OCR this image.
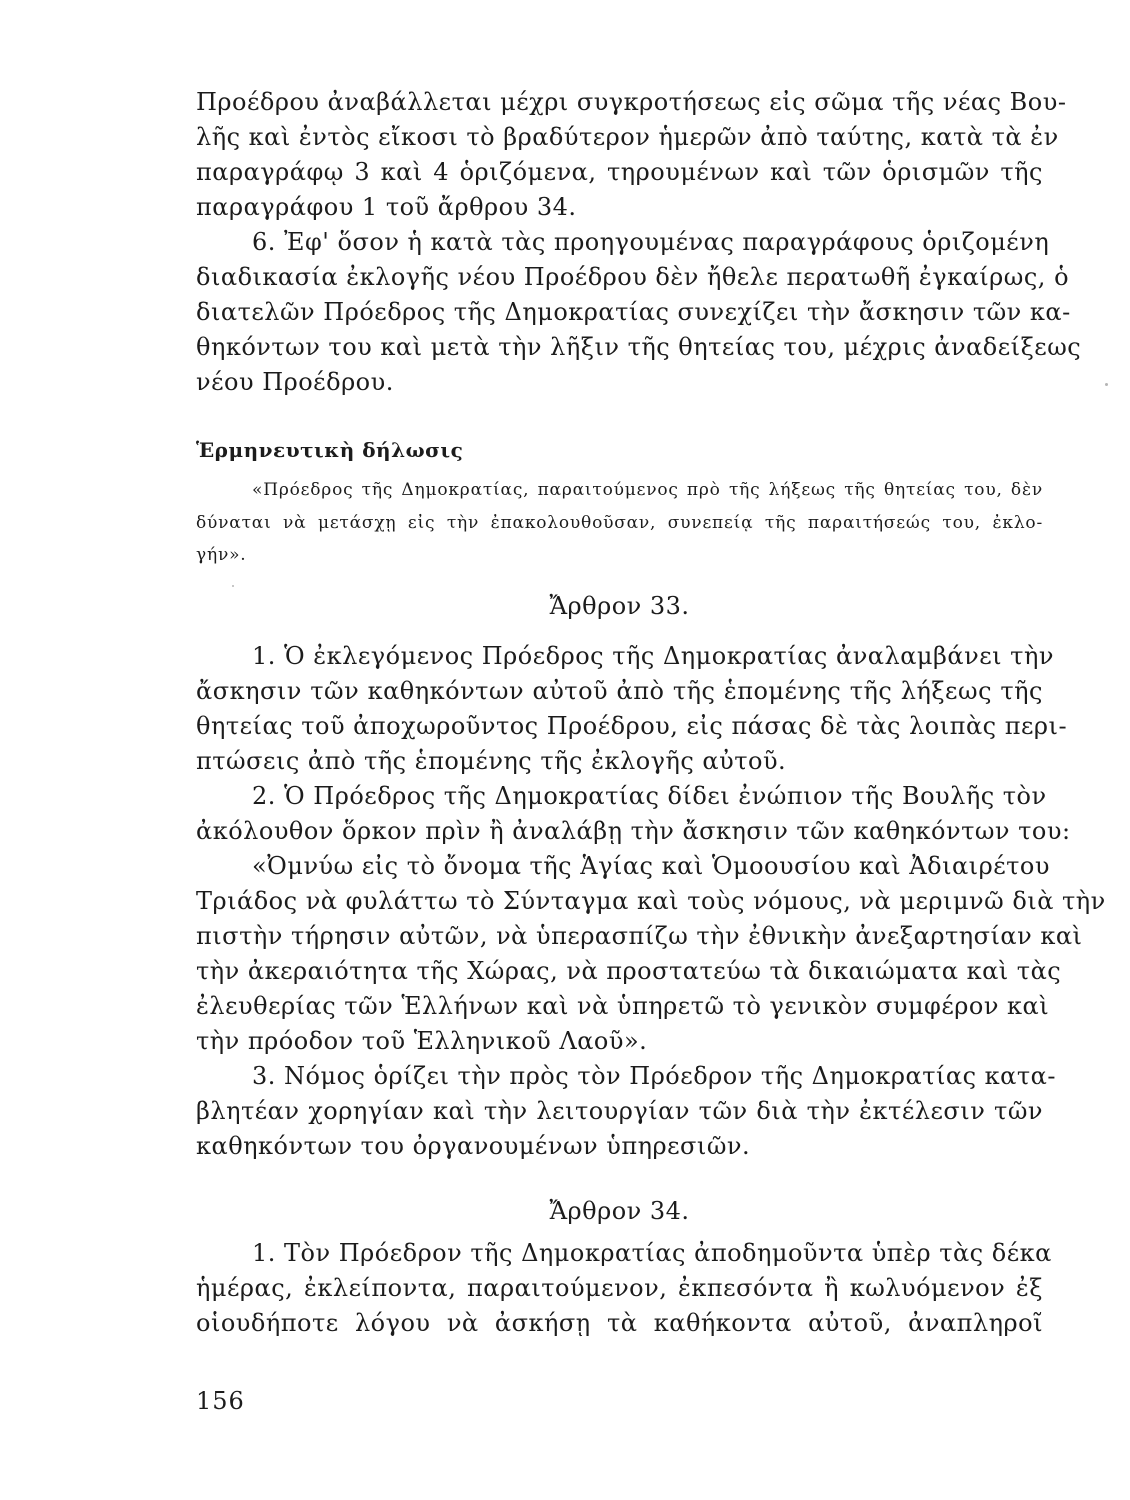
Προέδρου ἀναβάλλεται μέχρι συγκροτήσεως εἰς σῶμα τῆς νέας Βου-
λῆς καὶ ἐντὸς εἴκοσι τὸ βραδύτερον ἡμερῶν ἀπὸ ταύτης, κατὰ τὰ ἐν
παραγράφῳ 3 καὶ 4 ὁριζόμενα, τηρουμένων καὶ τῶν ὁρισμῶν τῆς
παραγράφου 1 τοῦ ἄρθρου 34.
6. Ἐφ' ὅσον ἡ κατὰ τὰς προηγουμένας παραγράφους ὁριζομένη
διαδικασία ἐκλογῆς νέου Προέδρου δὲν ἤθελε περατωθῆ ἐγκαίρως, ὁ
διατελῶν Πρόεδρος τῆς Δημοκρατίας συνεχίζει τὴν ἄσκησιν τῶν κα-
θηκόντων του καὶ μετὰ τὴν λῆξιν τῆς θητείας του, μέχρις ἀναδείξεως
νέου Προέδρου.
Ἑρμηνευτικὴ δήλωσις
«Πρόεδρος τῆς Δημοκρατίας, παραιτούμενος πρὸ τῆς λήξεως τῆς θητείας του, δὲν
δύναται νὰ μετάσχῃ εἰς τὴν ἐπακολουθοῦσαν, συνεπείᾳ τῆς παραιτήσεώς του, ἐκλο-
γήν».
Ἄρθρον 33.
1. Ὁ ἐκλεγόμενος Πρόεδρος τῆς Δημοκρατίας ἀναλαμβάνει τὴν
ἄσκησιν τῶν καθηκόντων αὐτοῦ ἀπὸ τῆς ἑπομένης τῆς λήξεως τῆς
θητείας τοῦ ἀποχωροῦντος Προέδρου, εἰς πάσας δὲ τὰς λοιπὰς περι-
πτώσεις ἀπὸ τῆς ἑπομένης τῆς ἐκλογῆς αὐτοῦ.
2. Ὁ Πρόεδρος τῆς Δημοκρατίας δίδει ἐνώπιον τῆς Βουλῆς τὸν
ἀκόλουθον ὅρκον πρὶν ἢ ἀναλάβῃ τὴν ἄσκησιν τῶν καθηκόντων του:
«Ὀμνύω εἰς τὸ ὄνομα τῆς Ἁγίας καὶ Ὁμοουσίου καὶ Ἀδιαιρέτου
Τριάδος νὰ φυλάττω τὸ Σύνταγμα καὶ τοὺς νόμους, νὰ μεριμνῶ διὰ τὴν
πιστὴν τήρησιν αὐτῶν, νὰ ὑπερασπίζω τὴν ἐθνικὴν ἀνεξαρτησίαν καὶ
τὴν ἀκεραιότητα τῆς Χώρας, νὰ προστατεύω τὰ δικαιώματα καὶ τὰς
ἐλευθερίας τῶν Ἑλλήνων καὶ νὰ ὑπηρετῶ τὸ γενικὸν συμφέρον καὶ
τὴν πρόοδον τοῦ Ἑλληνικοῦ Λαοῦ».
3. Νόμος ὁρίζει τὴν πρὸς τὸν Πρόεδρον τῆς Δημοκρατίας κατα-
βλητέαν χορηγίαν καὶ τὴν λειτουργίαν τῶν διὰ τὴν ἐκτέλεσιν τῶν
καθηκόντων του ὀργανουμένων ὑπηρεσιῶν.
Ἄρθρον 34.
1. Τὸν Πρόεδρον τῆς Δημοκρατίας ἀποδημοῦντα ὑπὲρ τὰς δέκα
ἡμέρας, ἐκλείποντα, παραιτούμενον, ἐκπεσόντα ἢ κωλυόμενον ἐξ
οἱουδήποτε λόγου νὰ ἀσκήσῃ τὰ καθήκοντα αὐτοῦ, ἀναπληροῖ
156
